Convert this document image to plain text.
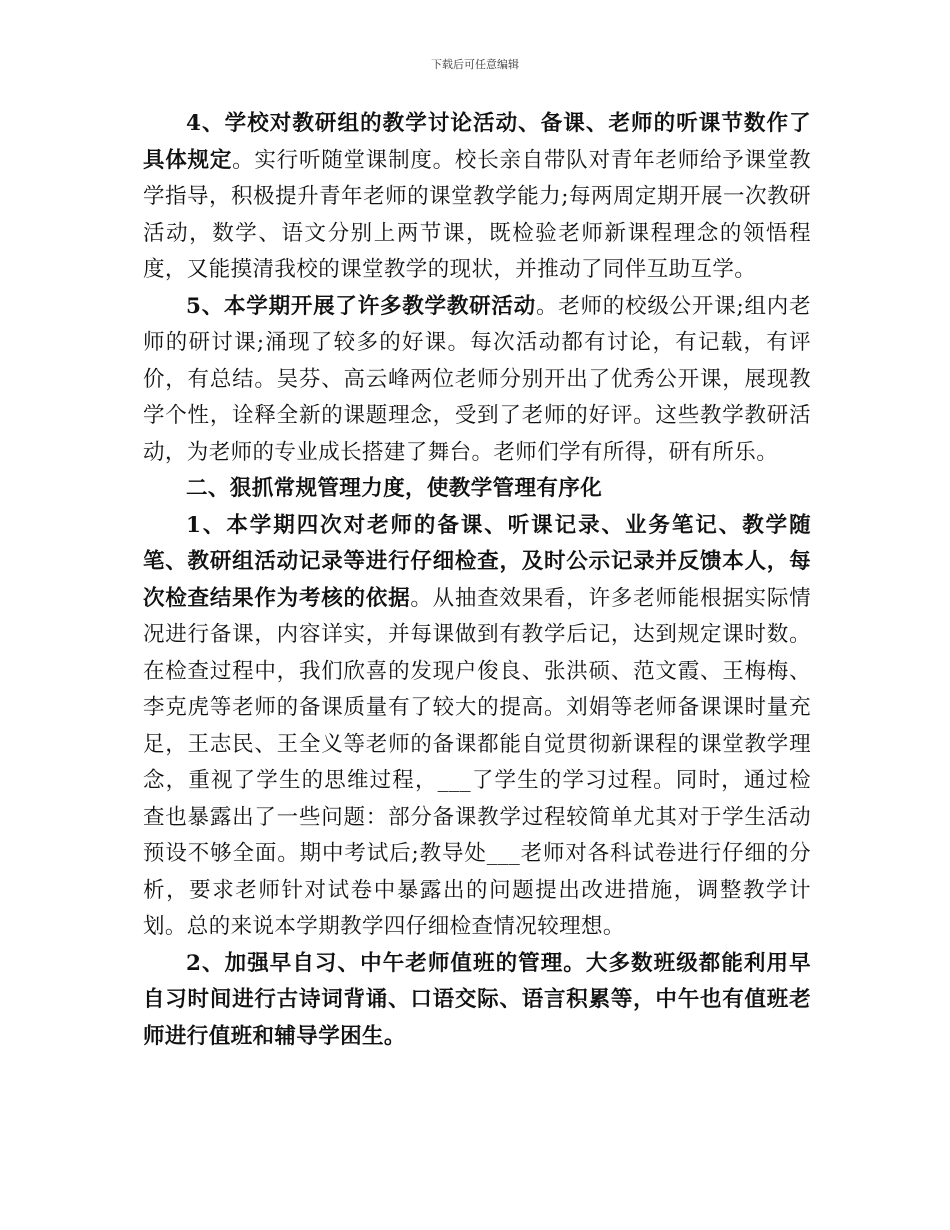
下载后可任意编辑

4、学校对教研组的教学讨论活动、备课、老师的听课节数作了具体规定。实行听随堂课制度。校长亲自带队对青年老师给予课堂教学指导，积极提升青年老师的课堂教学能力;每两周定期开展一次教研活动，数学、语文分别上两节课，既检验老师新课程理念的领悟程度，又能摸清我校的课堂教学的现状，并推动了同伴互助互学。

5、本学期开展了许多教学教研活动。老师的校级公开课;组内老师的研讨课;涌现了较多的好课。每次活动都有讨论，有记载，有评价，有总结。吴芬、高云峰两位老师分别开出了优秀公开课，展现教学个性，诠释全新的课题理念，受到了老师的好评。这些教学教研活动，为老师的专业成长搭建了舞台。老师们学有所得，研有所乐。

二、狠抓常规管理力度，使教学管理有序化

1、本学期四次对老师的备课、听课记录、业务笔记、教学随笔、教研组活动记录等进行仔细检查，及时公示记录并反馈本人，每次检查结果作为考核的依据。从抽查效果看，许多老师能根据实际情况进行备课，内容详实，并每课做到有教学后记，达到规定课时数。在检查过程中，我们欣喜的发现户俊良、张洪硕、范文霞、王梅梅、李克虎等老师的备课质量有了较大的提高。刘娟等老师备课课时量充足，王志民、王全义等老师的备课都能自觉贯彻新课程的课堂教学理念，重视了学生的思维过程，___了学生的学习过程。同时，通过检查也暴露出了一些问题：部分备课教学过程较简单尤其对于学生活动预设不够全面。期中考试后;教导处___老师对各科试卷进行仔细的分析，要求老师针对试卷中暴露出的问题提出改进措施，调整教学计划。总的来说本学期教学四仔细检查情况较理想。

2、加强早自习、中午老师值班的管理。大多数班级都能利用早自习时间进行古诗词背诵、口语交际、语言积累等，中午也有值班老师进行值班和辅导学困生。
